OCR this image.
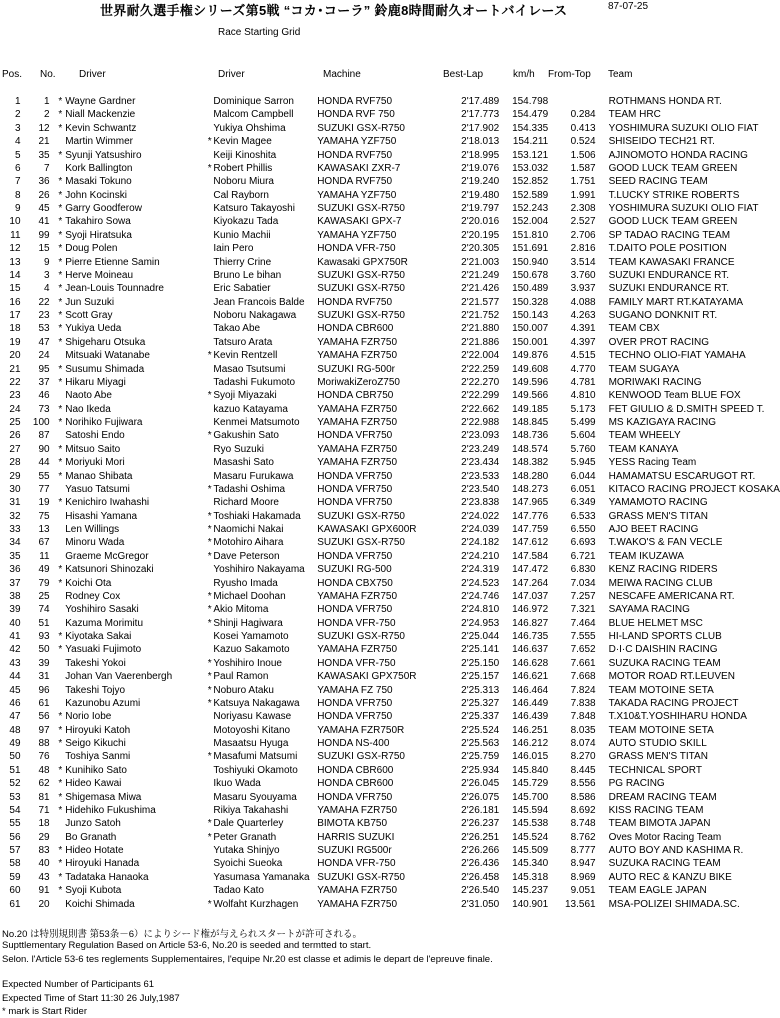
世界耐久選手権シリーズ第5戦 “コカ･コーラ” 鈴鹿8時間耐久オートバイレース	87-07-25
Race Starting Grid
Pos. No. Driver	Driver	Machine	Best-Lap	km/h From-Top Team
1	1	*	Wayne Gardner		Dominique Sarron	HONDA RVF750	2'17.489	154.798		ROTHMANS HONDA RT.
2	2	*	Niall Mackenzie		Malcom Campbell	HONDA RVF 750	2'17.773	154.479	0.284	TEAM HRC
3	12	*	Kevin Schwantz		Yukiya Ohshima	SUZUKI GSX-R750	2'17.902	154.335	0.413	YOSHIMURA SUZUKI OLIO FIAT
4	21		Martin Wimmer	*	Kevin Magee	YAMAHA YZF750	2'18.013	154.211	0.524	SHISEIDO TECH21 RT.
5	35	*	Syunji Yatsushiro		Keiji Kinoshita	HONDA RVF750	2'18.995	153.121	1.506	AJINOMOTO HONDA RACING
6	7		Kork Ballington	*	Robert Phillis	KAWASAKI ZXR-7	2'19.076	153.032	1.587	GOOD LUCK TEAM GREEN
7	36	*	Masaki Tokuno		Noboru Miura	HONDA RVF750	2'19.240	152.852	1.751	SEED RACING TEAM
8	26	*	John Kocinski		Cal Rayborn	YAMAHA YZF750	2'19.480	152.589	1.991	T.LUCKY STRIKE ROBERTS
9	45	*	Garry Goodferow		Katsuro Takayoshi	SUZUKI GSX-R750	2'19.797	152.243	2.308	YOSHIMURA SUZUKI OLIO FIAT
10	41	*	Takahiro Sowa		Kiyokazu Tada	KAWASAKI GPX-7	2'20.016	152.004	2.527	GOOD LUCK TEAM GREEN
11	99	*	Syoji Hiratsuka		Kunio Machii	YAMAHA YZF750	2'20.195	151.810	2.706	SP TADAO RACING TEAM
12	15	*	Doug Polen		Iain Pero	HONDA VFR-750	2'20.305	151.691	2.816	T.DAITO POLE POSITION
13	9	*	Pierre Etienne Samin		Thierry Crine	Kawasaki GPX750R	2'21.003	150.940	3.514	TEAM KAWASAKI FRANCE
14	3	*	Herve Moineau		Bruno Le bihan	SUZUKI GSX-R750	2'21.249	150.678	3.760	SUZUKI ENDURANCE RT.
15	4	*	Jean-Louis Tounnadre		Eric Sabatier	SUZUKI GSX-R750	2'21.426	150.489	3.937	SUZUKI ENDURANCE RT.
16	22	*	Jun Suzuki		Jean Francois Balde	HONDA RVF750	2'21.577	150.328	4.088	FAMILY MART RT.KATAYAMA
17	23	*	Scott Gray		Noboru Nakagawa	SUZUKI GSX-R750	2'21.752	150.143	4.263	SUGANO DONKNIT RT.
18	53	*	Yukiya Ueda		Takao Abe	HONDA CBR600	2'21.880	150.007	4.391	TEAM CBX
19	47	*	Shigeharu Otsuka		Tatsuro Arata	YAMAHA FZR750	2'21.886	150.001	4.397	OVER PROT RACING
20	24		Mitsuaki Watanabe	*	Kevin Rentzell	YAMAHA FZR750	2'22.004	149.876	4.515	TECHNO OLIO-FIAT YAMAHA
21	95	*	Susumu Shimada		Masao Tsutsumi	SUZUKI RG-500r	2'22.259	149.608	4.770	TEAM SUGAYA
22	37	*	Hikaru Miyagi		Tadashi Fukumoto	MoriwakiZeroZ750	2'22.270	149.596	4.781	MORIWAKI RACING
23	46		Naoto Abe	*	Syoji Miyazaki	HONDA CBR750	2'22.299	149.566	4.810	KENWOOD Team BLUE FOX
24	73	*	Nao Ikeda		kazuo Katayama	YAMAHA FZR750	2'22.662	149.185	5.173	FET GIULIO & D.SMITH SPEED T.
25	100	*	Norihiko Fujiwara		Kenmei Matsumoto	YAMAHA FZR750	2'22.988	148.845	5.499	MS KAZIGAYA RACING
26	87		Satoshi Endo	*	Gakushin Sato	HONDA VFR750	2'23.093	148.736	5.604	TEAM WHEELY
27	90	*	Mitsuo Saito		Ryo Suzuki	YAMAHA FZR750	2'23.249	148.574	5.760	TEAM KANAYA
28	44	*	Moriyuki Mori		Masashi Sato	YAMAHA FZR750	2'23.434	148.382	5.945	YESS Racing Team
29	55	*	Manao Shibata		Masaru Furukawa	HONDA VFR750	2'23.533	148.280	6.044	HAMAMATSU ESCARUGOT RT.
30	77		Yasuo Tatsumi	*	Tadashi Oshima	HONDA VFR750	2'23.540	148.273	6.051	KITACO RACING PROJECT KOSAKA
31	19	*	Kenichiro Iwahashi		Richard Moore	HONDA VFR750	2'23.838	147.965	6.349	YAMAMOTO RACING
32	75		Hisashi Yamana	*	Toshiaki Hakamada	SUZUKI GSX-R750	2'24.022	147.776	6.533	GRASS MEN'S TITAN
33	13		Len Willings	*	Naomichi Nakai	KAWASAKI GPX600R	2'24.039	147.759	6.550	AJO BEET RACING
34	67		Minoru Wada	*	Motohiro Aihara	SUZUKI GSX-R750	2'24.182	147.612	6.693	T.WAKO'S & FAN VECLE
35	11		Graeme McGregor	*	Dave Peterson	HONDA VFR750	2'24.210	147.584	6.721	TEAM IKUZAWA
36	49	*	Katsunori Shinozaki		Yoshihiro Nakayama	SUZUKI RG-500	2'24.319	147.472	6.830	KENZ RACING RIDERS
37	79	*	Koichi Ota		Ryusho Imada	HONDA CBX750	2'24.523	147.264	7.034	MEIWA RACING CLUB
38	25		Rodney Cox	*	Michael Doohan	YAMAHA FZR750	2'24.746	147.037	7.257	NESCAFE AMERICANA RT.
39	74		Yoshihiro Sasaki	*	Akio Mitoma	HONDA VFR750	2'24.810	146.972	7.321	SAYAMA RACING
40	51		Kazuma Morimitu	*	Shinji Hagiwara	HONDA VFR-750	2'24.953	146.827	7.464	BLUE HELMET MSC
41	93	*	Kiyotaka Sakai		Kosei Yamamoto	SUZUKI GSX-R750	2'25.044	146.735	7.555	HI-LAND SPORTS CLUB
42	50	*	Yasuaki Fujimoto		Kazuo Sakamoto	YAMAHA FZR750	2'25.141	146.637	7.652	D·I·C DAISHIN RACING
43	39		Takeshi Yokoi	*	Yoshihiro Inoue	HONDA VFR-750	2'25.150	146.628	7.661	SUZUKA RACING TEAM
44	31		Johan Van Vaerenbergh	*	Paul Ramon	KAWASAKI GPX750R	2'25.157	146.621	7.668	MOTOR ROAD RT.LEUVEN
45	96		Takeshi Tojyo	*	Noburo Ataku	YAMAHA FZ 750	2'25.313	146.464	7.824	TEAM MOTOINE SETA
46	61		Kazunobu Azumi	*	Katsuya Nakagawa	HONDA VFR750	2'25.327	146.449	7.838	TAKADA RACING PROJECT
47	56	*	Norio Iobe		Noriyasu Kawase	HONDA VFR750	2'25.337	146.439	7.848	T.X10&T.YOSHIHARU HONDA
48	97	*	Hiroyuki Katoh		Motoyoshi Kitano	YAMAHA FZR750R	2'25.524	146.251	8.035	TEAM MOTOINE SETA
49	88	*	Seigo Kikuchi		Masaatsu Hyuga	HONDA NS-400	2'25.563	146.212	8.074	AUTO STUDIO SKILL
50	76		Toshiya Sanmi	*	Masafumi Matsumi	SUZUKI GSX-R750	2'25.759	146.015	8.270	GRASS MEN'S TITAN
51	48	*	Kunihiko Sato		Toshiyuki Okamoto	HONDA CBR600	2'25.934	145.840	8.445	TECHNICAL SPORT
52	62	*	Hideo Kawai		Ikuo Wada	HONDA CBR600	2'26.045	145.729	8.556	PG RACING
53	81	*	Shigemasa Miwa		Masaru Syouyama	HONDA VFR750	2'26.075	145.700	8.586	DREAM RACING TEAM
54	71	*	Hidehiko Fukushima		Rikiya Takahashi	YAMAHA FZR750	2'26.181	145.594	8.692	KISS RACING TEAM
55	18		Junzo Satoh	*	Dale Quarterley	BIMOTA KB750	2'26.237	145.538	8.748	TEAM BIMOTA JAPAN
56	29		Bo Granath	*	Peter Granath	HARRIS SUZUKI	2'26.251	145.524	8.762	Oves Motor Racing Team
57	83	*	Hideo Hotate		Yutaka Shinjyo	SUZUKI RG500r	2'26.266	145.509	8.777	AUTO BOY AND KASHIMA R.
58	40	*	Hiroyuki Hanada		Syoichi Sueoka	HONDA VFR-750	2'26.436	145.340	8.947	SUZUKA RACING TEAM
59	43	*	Tadataka Hanaoka		Yasumasa Yamanaka	SUZUKI GSX-R750	2'26.458	145.318	8.969	AUTO REC & KANZU BIKE
60	91	*	Syoji Kubota		Tadao Kato	YAMAHA FZR750	2'26.540	145.237	9.051	TEAM EAGLE JAPAN
61	20		Koichi Shimada	*	Wolfaht Kurzhagen	YAMAHA FZR750	2'31.050	140.901	13.561	MSA-POLIZEI SHIMADA.SC.
No.20 は特別規則書 第53条－6）によりシード権が与えられスタートが許可される。
Supttlementary Regulation Based on Article 53-6, No.20 is seeded and termtted to start.
Selon. l'Article 53-6 tes reglements Supplementaires, l'equipe Nr.20 est classe et adimis le depart de l'epreuve finale.
Expected Number of Participants 61
Expected Time of Start 11:30 26 July,1987
* mark is Start Rider
